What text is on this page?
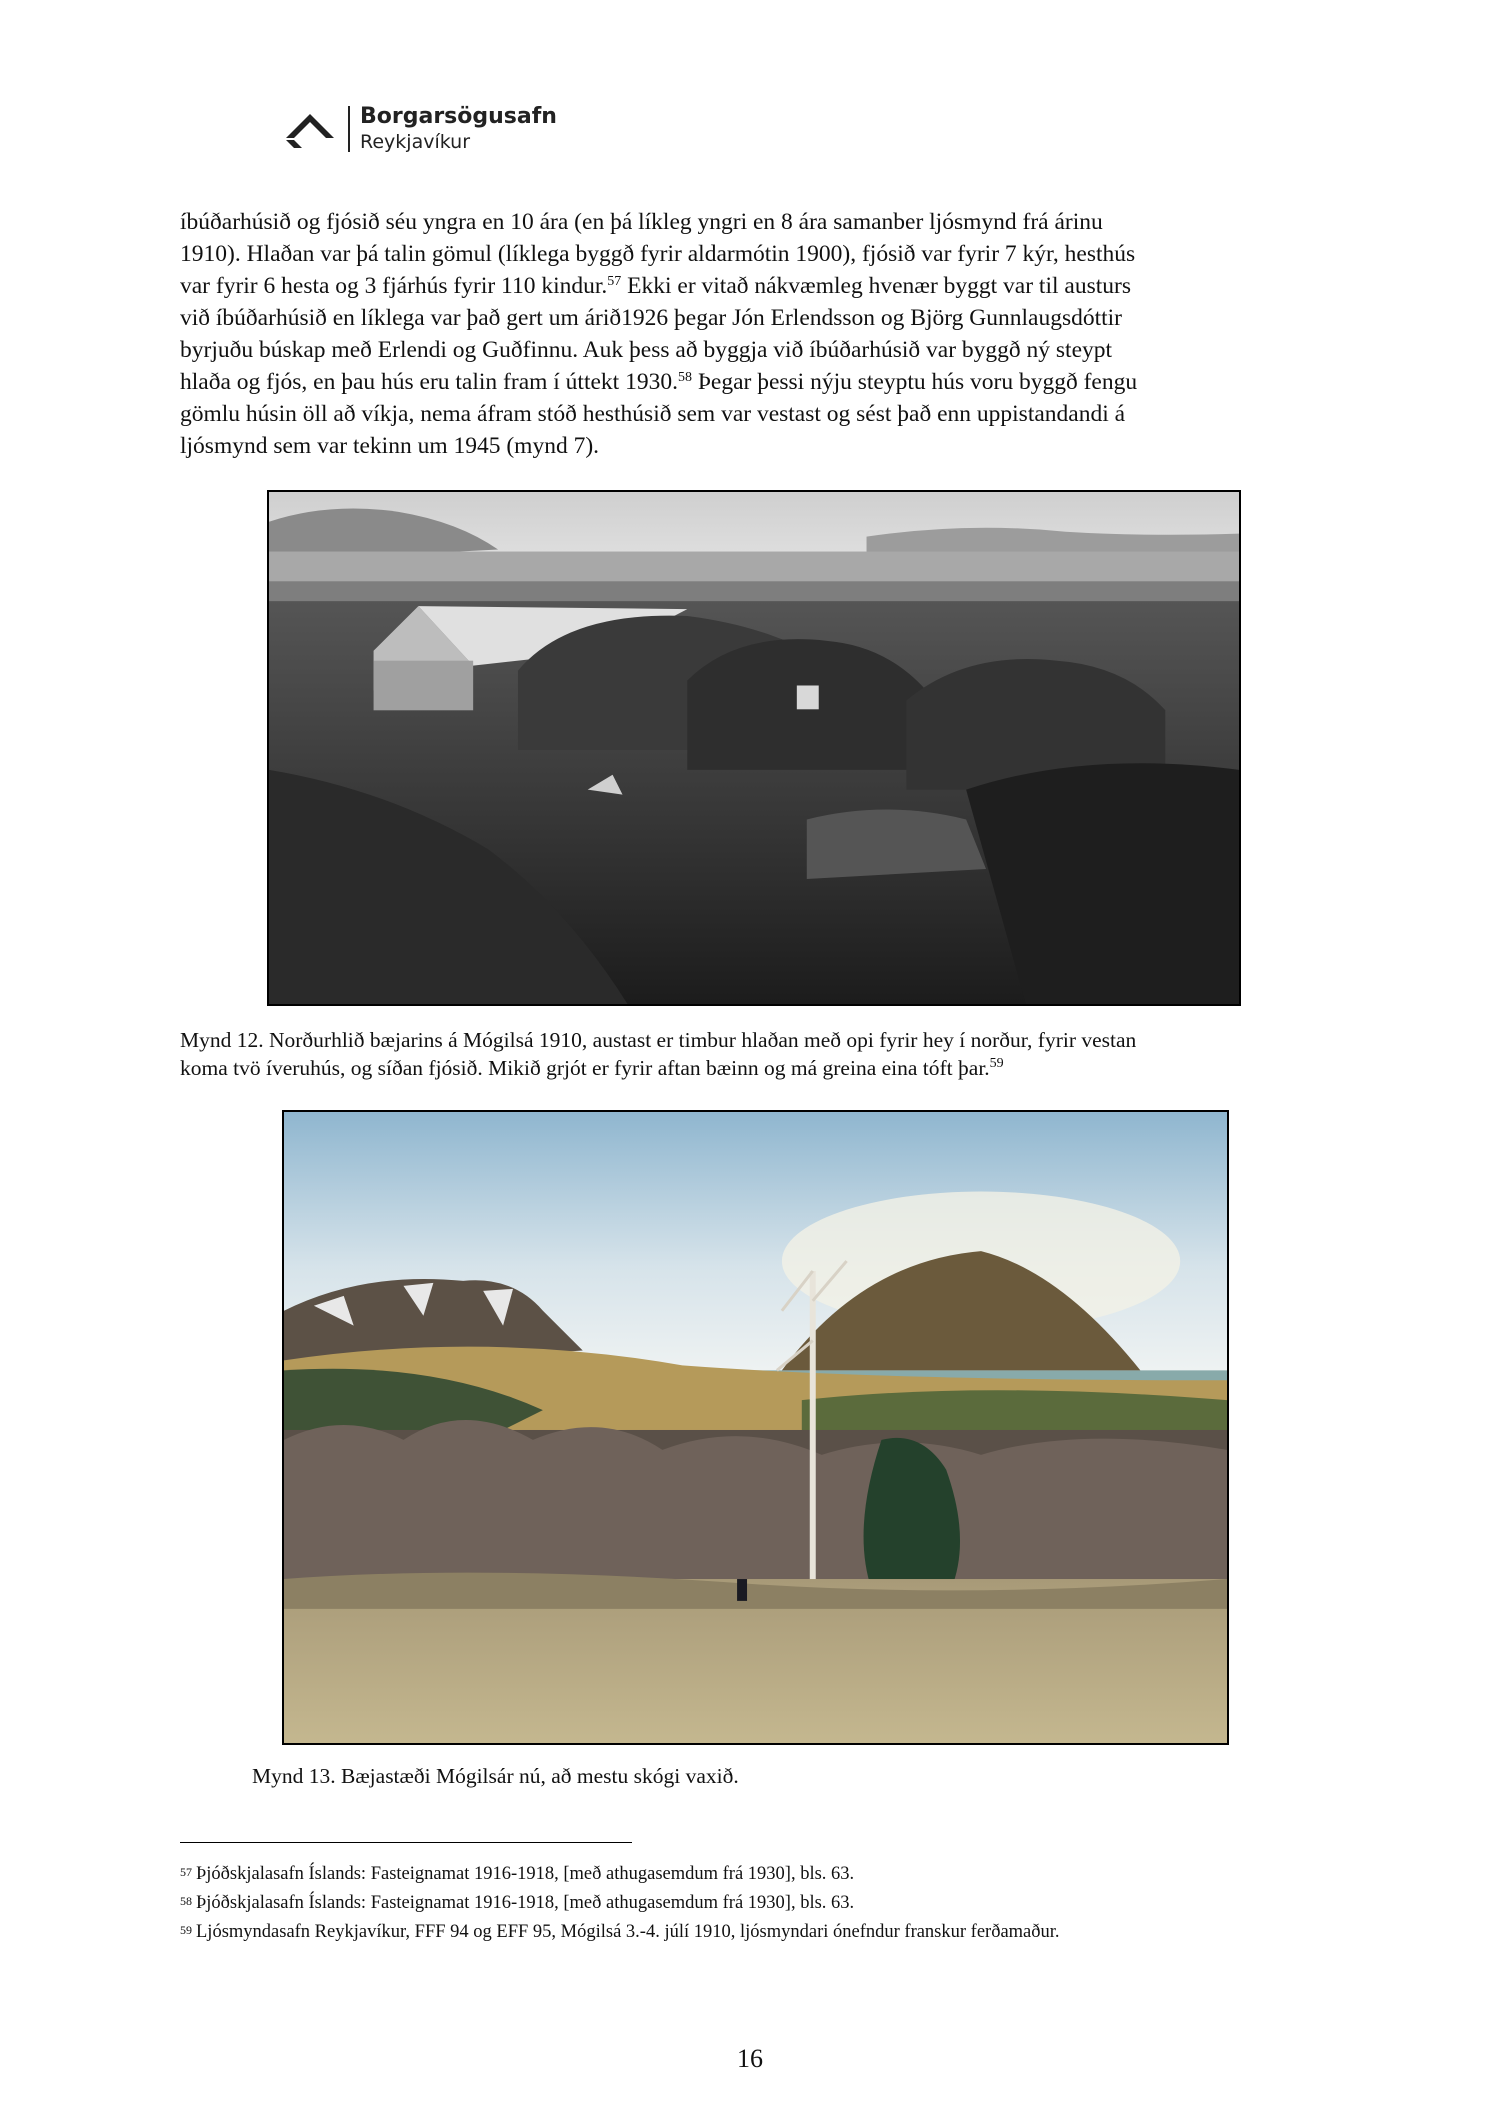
Borgarsögusafn
Reykjavíkur
íbúðarhúsið og fjósið séu yngra en 10 ára (en þá líkleg yngri en 8 ára samanber ljósmynd frá árinu
1910). Hlaðan var þá talin gömul (líklega byggð fyrir aldarmótin 1900), fjósið var fyrir 7 kýr, hesthús
var fyrir 6 hesta og 3 fjárhús fyrir 110 kindur.$^{57}$ Ekki er vitað nákvæmleg hvenær byggt var til austurs
við íbúðarhúsið en líklega var það gert um árið1926 þegar Jón Erlendsson og Björg Gunnlaugsdóttir
byrjuðu búskap með Erlendi og Guðfinnu. Auk þess að byggja við íbúðarhúsið var byggð ný steypt
hlaða og fjós, en þau hús eru talin fram í úttekt 1930.58 Þegar þessi nýju steyptu hús voru byggð fengu
gömlu húsin öll að víkja, nema áfram stóð hesthúsið sem var vestast og sést það enn uppistandandi á
ljósmynd sem var tekinn um 1945 (mynd 7).
Mynd 12. Norðurhlið bæjarins á Mógilsá 1910, austast er timbur hlaðan með opi fyrir hey í norður, fyrir vestan
koma tvö íveruhús, og síðan fjósið. Mikið grjót er fyrir aftan bæinn og má greina eina tóft þar.$^{59}$
Mynd 13. Bæjastæði Mógilsár nú, að mestu skógi vaxið.
$^{57}$ Þjóðskjalasafn Íslands: Fasteignamat 1916-1918, [með athugasemdum frá 1930], bls. 63.
$^{58}$ Þjóðskjalasafn Íslands: Fasteignamat 1916-1918, [með athugasemdum frá 1930], bls. 63.
$^{59}$ Ljósmyndasafn Reykjavíkur, FFF 94 og EFF 95, Mógilsá 3.-4. júlí 1910, ljósmyndari ónefndur franskur ferðamaður.
16
